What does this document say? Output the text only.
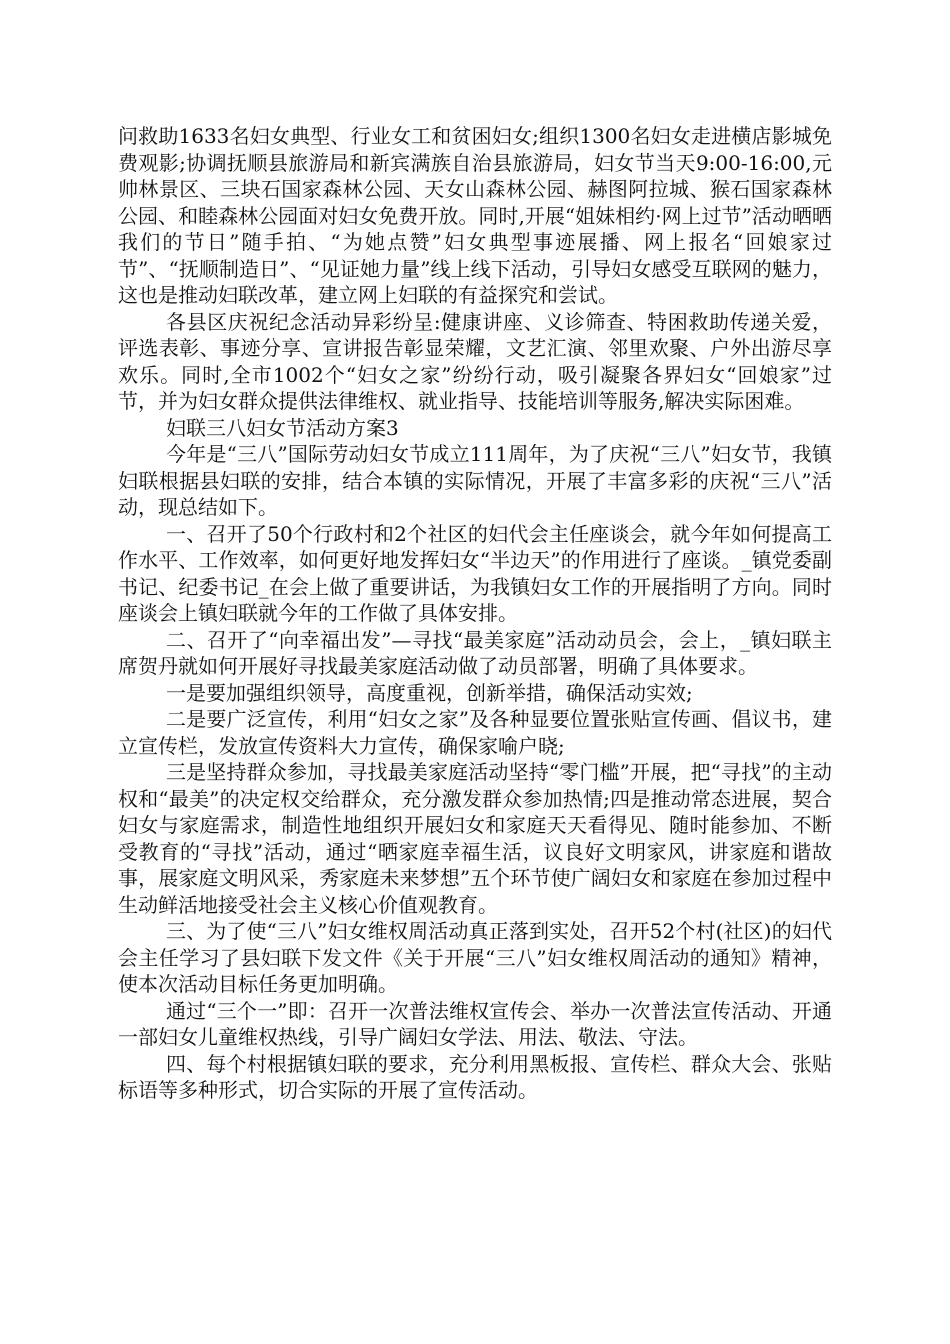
问救助1633名妇女典型、行业女工和贫困妇女;组织1300名妇女走进横店影城免费观影;协调抚顺县旅游局和新宾满族自治县旅游局，妇女节当天9:00-16:00,元帅林景区、三块石国家森林公园、天女山森林公园、赫图阿拉城、猴石国家森林公园、和睦森林公园面对妇女免费开放。同时,开展“姐妹相约·网上过节”活动晒晒我们的节日”随手拍、“为她点赞”妇女典型事迹展播、网上报名“回娘家过节”、“抚顺制造日”、“见证她力量”线上线下活动，引导妇女感受互联网的魅力，这也是推动妇联改革，建立网上妇联的有益探究和尝试。

各县区庆祝纪念活动异彩纷呈:健康讲座、义诊筛查、特困救助传递关爱，评选表彰、事迹分享、宣讲报告彰显荣耀，文艺汇演、邻里欢聚、户外出游尽享欢乐。同时,全市1002个“妇女之家”纷纷行动，吸引凝聚各界妇女“回娘家”过节，并为妇女群众提供法律维权、就业指导、技能培训等服务,解决实际困难。

妇联三八妇女节活动方案3

今年是“三八”国际劳动妇女节成立111周年，为了庆祝“三八”妇女节，我镇妇联根据县妇联的安排，结合本镇的实际情况，开展了丰富多彩的庆祝“三八”活动，现总结如下。

一、召开了50个行政村和2个社区的妇代会主任座谈会，就今年如何提高工作水平、工作效率，如何更好地发挥妇女“半边天”的作用进行了座谈。_镇党委副书记、纪委书记_在会上做了重要讲话，为我镇妇女工作的开展指明了方向。同时座谈会上镇妇联就今年的工作做了具体安排。

二、召开了“向幸福出发”—寻找“最美家庭”活动动员会，会上，_镇妇联主席贺丹就如何开展好寻找最美家庭活动做了动员部署，明确了具体要求。

一是要加强组织领导，高度重视，创新举措，确保活动实效;

二是要广泛宣传，利用“妇女之家”及各种显要位置张贴宣传画、倡议书，建立宣传栏，发放宣传资料大力宣传，确保家喻户晓;

三是坚持群众参加，寻找最美家庭活动坚持“零门槛”开展，把“寻找”的主动权和“最美”的决定权交给群众，充分激发群众参加热情;四是推动常态进展，契合妇女与家庭需求，制造性地组织开展妇女和家庭天天看得见、随时能参加、不断受教育的“寻找”活动，通过“晒家庭幸福生活，议良好文明家风，讲家庭和谐故事，展家庭文明风采，秀家庭未来梦想”五个环节使广阔妇女和家庭在参加过程中生动鲜活地接受社会主义核心价值观教育。

三、为了使“三八”妇女维权周活动真正落到实处，召开52个村(社区)的妇代会主任学习了县妇联下发文件《关于开展“三八”妇女维权周活动的通知》精神，使本次活动目标任务更加明确。

通过“三个一”即：召开一次普法维权宣传会、举办一次普法宣传活动、开通一部妇女儿童维权热线，引导广阔妇女学法、用法、敬法、守法。

四、每个村根据镇妇联的要求，充分利用黑板报、宣传栏、群众大会、张贴标语等多种形式，切合实际的开展了宣传活动。
